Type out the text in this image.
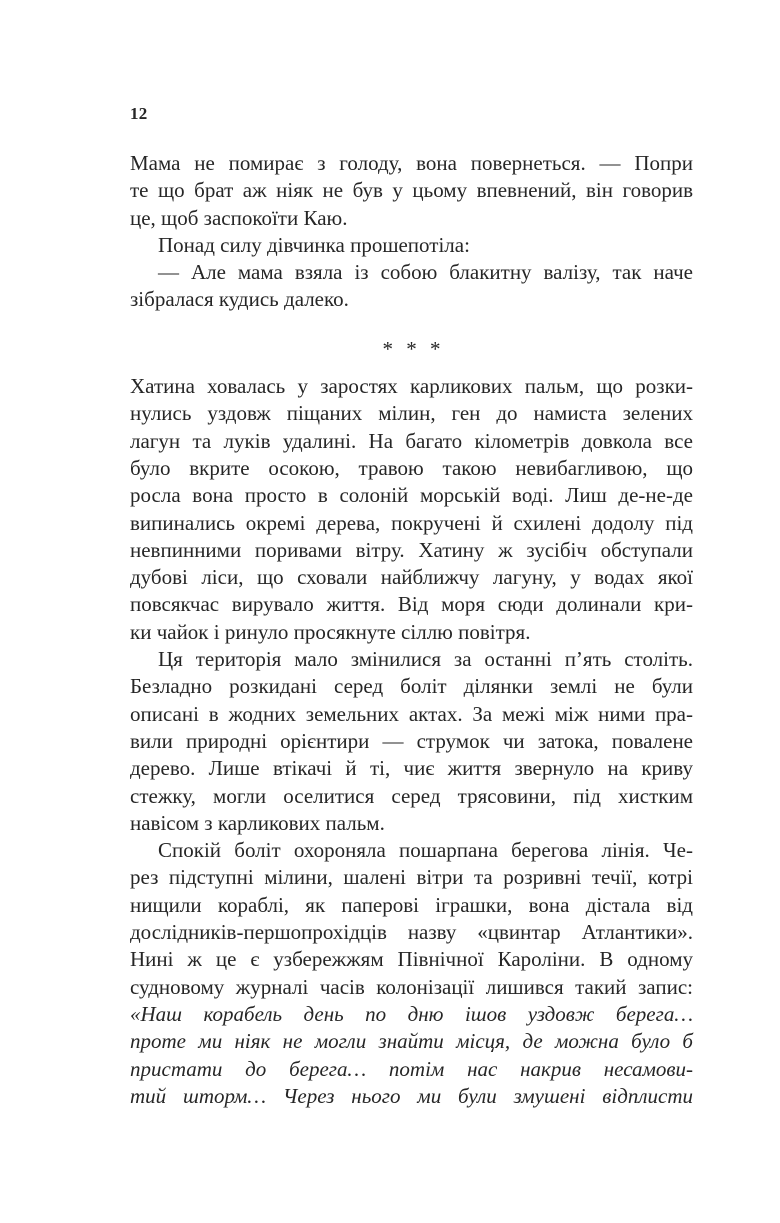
12
Мама не помирає з голоду, вона повернеться. — Попри
те що брат аж ніяк не був у цьому впевнений, він говорив
це, щоб заспокоїти Каю.
Понад силу дівчинка прошепотіла:
— Але мама взяла із собою блакитну валізу, так наче
зібралася кудись далеко.
* * *
Хатина ховалась у заростях карликових пальм, що розки-
нулись уздовж піщаних мілин, ген до намиста зелених
лагун та луків удалині. На багато кілометрів довкола все
було вкрите осокою, травою такою невибагливою, що
росла вона просто в солоній морській воді. Лиш де-не-де
випинались окремі дерева, покручені й схилені додолу під
невпинними поривами вітру. Хатину ж зусібіч обступали
дубові ліси, що сховали найближчу лагуну, у водах якої
повсякчас вирувало життя. Від моря сюди долинали кри-
ки чайок і ринуло просякнуте сіллю повітря.
Ця територія мало змінилися за останні п’ять століть.
Безладно розкидані серед боліт ділянки землі не були
описані в жодних земельних актах. За межі між ними пра-
вили природні орієнтири — струмок чи затока, повалене
дерево. Лише втікачі й ті, чиє життя звернуло на криву
стежку, могли оселитися серед трясовини, під хистким
навісом з карликових пальм.
Спокій боліт охороняла пошарпана берегова лінія. Че-
рез підступні мілини, шалені вітри та розривні течії, котрі
нищили кораблі, як паперові іграшки, вона дістала від
дослідників-першопрохідців назву «цвинтар Атлантики».
Нині ж це є узбережжям Північної Кароліни. В одному
судновому журналі часів колонізації лишився такий запис:
«Наш корабель день по дню ішов уздовж берега…
проте ми ніяк не могли знайти місця, де можна було б
пристати до берега… потім нас накрив несамови-
тий шторм… Через нього ми були змушені відплисти
